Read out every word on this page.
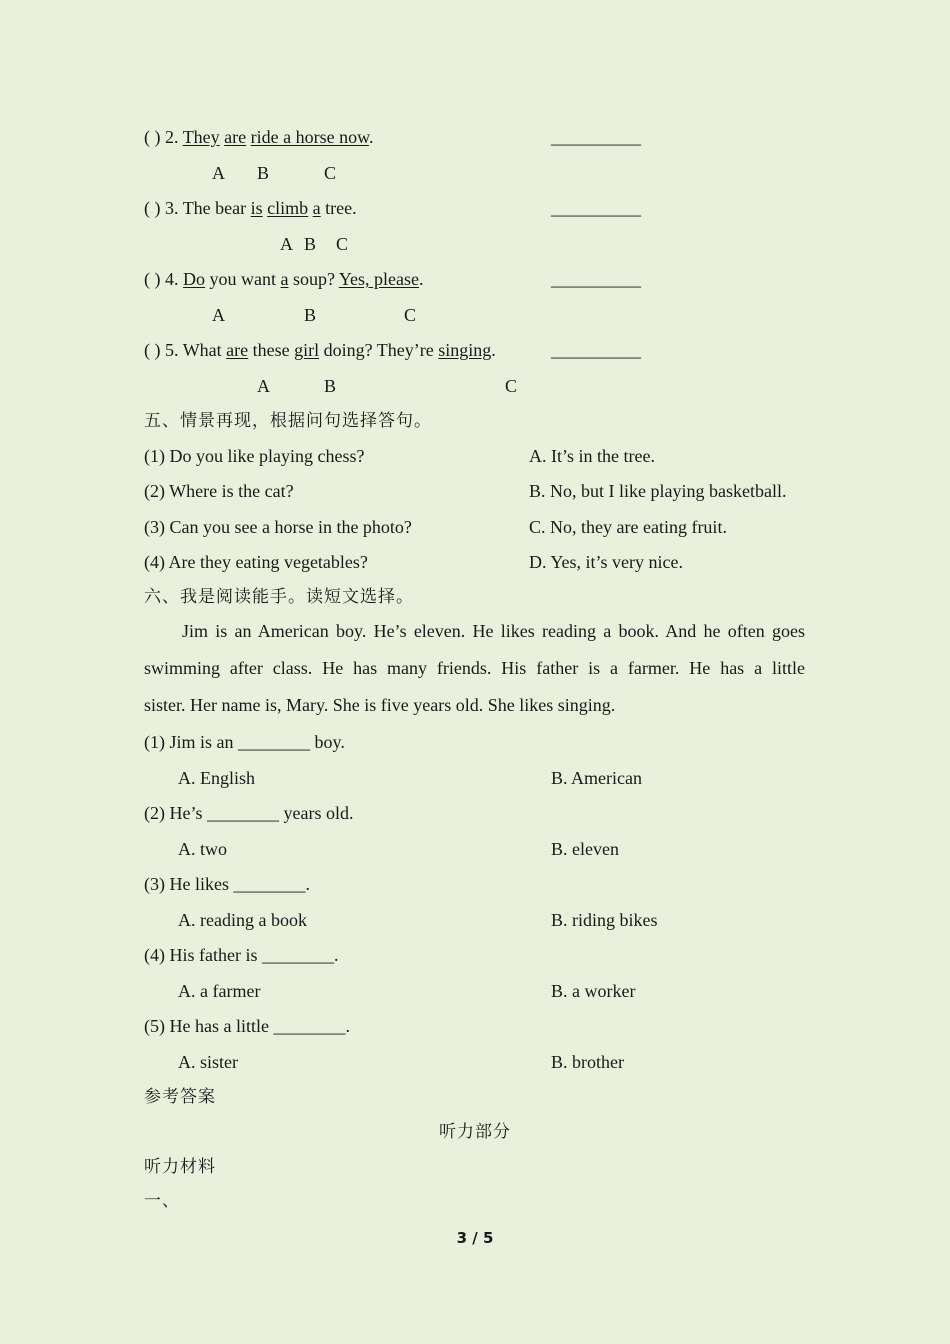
( ) 2. They are ride a horse now.	__________
A B	C
( ) 3. The bear is climb a tree.	__________
A B C
( ) 4. Do you want a soup? Yes, please.	__________
A	B	C
( ) 5. What are these girl doing? They’re singing.	__________
A	B	C
五、情景再现，根据问句选择答句。
(1) Do you like playing chess?	A. It’s in the tree.
(2) Where is the cat?	B. No, but I like playing basketball.
(3) Can you see a horse in the photo?	C. No, they are eating fruit.
(4) Are they eating vegetables?	D. Yes, it’s very nice.
六、我是阅读能手。读短文选择。
Jim is an American boy. He’s eleven. He likes reading a book. And he often goes
swimming after class. He has many friends. His father is a farmer. He has a little
sister. Her name is, Mary. She is five years old. She likes singing.
(1) Jim is an ________ boy.
A. English	B. American
(2) He’s ________ years old.
A. two	B. eleven
(3) He likes ________.
A. reading a book	B. riding bikes
(4) His father is ________.
A. a farmer	B. a worker
(5) He has a little ________.
A. sister	B. brother
参考答案
听力部分
听力材料
一、
3 / 5
